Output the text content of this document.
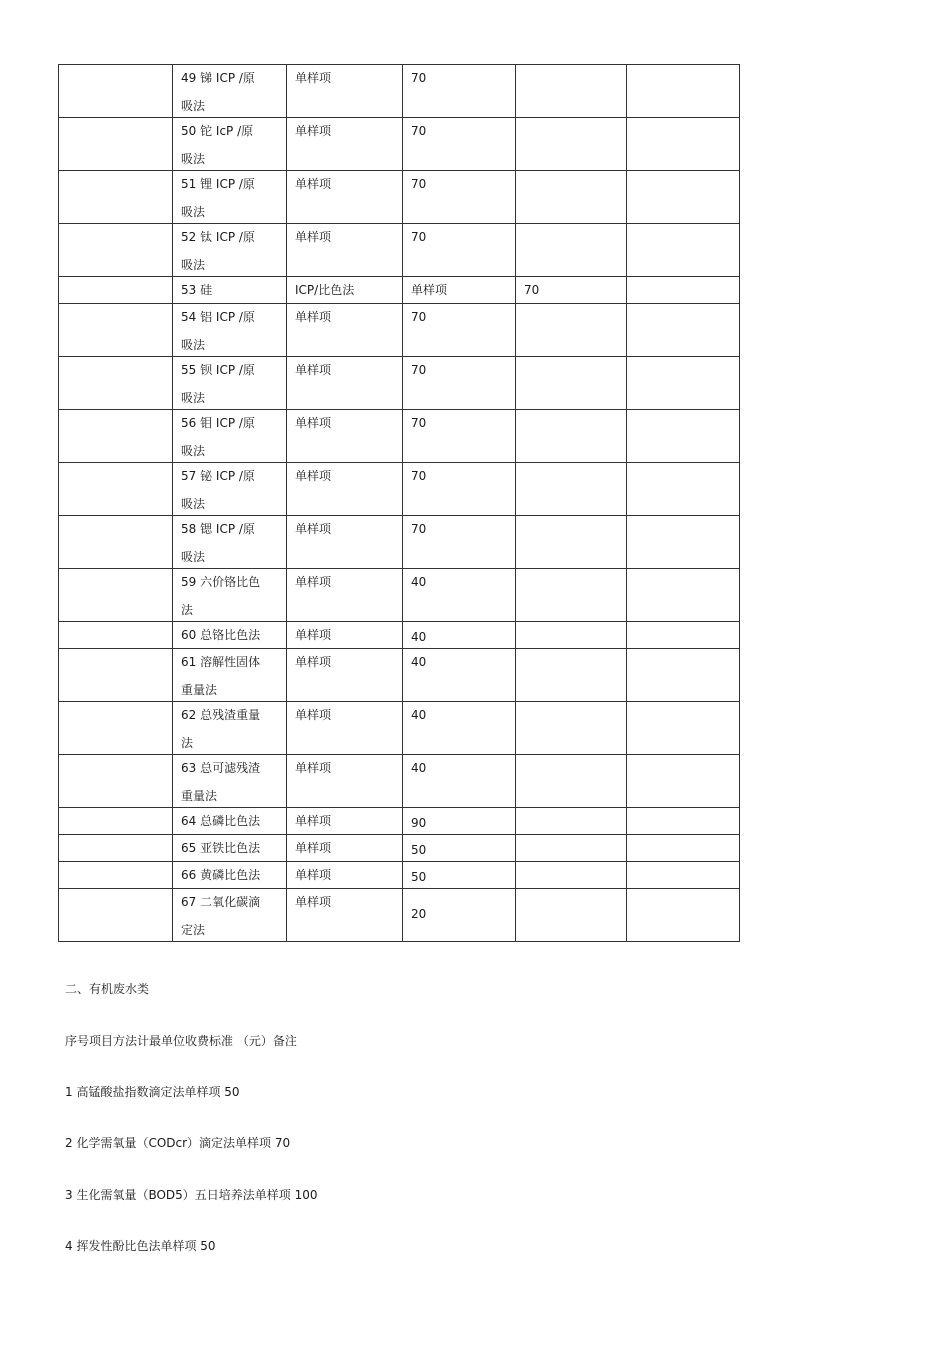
	49 锑 ICP /原
吸法	单样项	70		

	50 铊 IcP /原
吸法	单样项	70		

	51 锂 ICP /原
吸法	单样项	70		

	52 钛 ICP /原
吸法	单样项	70		

	53 硅	ICP/比色法	单样项	70	

	54 铝 ICP /原
吸法	单样项	70		

	55 钡 ICP /原
吸法	单样项	70		

	56 钼 ICP /原
吸法	单样项	70		

	57 铋 ICP /原
吸法	单样项	70		

	58 锶 ICP /原
吸法	单样项	70		

	59 六价铬比色
法	单样项	40		

	60 总铬比色法	单样项	40		

	61 溶解性固体
重量法	单样项	40		

	62 总残渣重量
法	单样项	40		

	63 总可滤残渣
重量法	单样项	40		

	64 总磷比色法	单样项	90		

	65 亚铁比色法	单样项	50		

	66 黄磷比色法	单样项	50		

	67 二氧化碳滴
定法	单样项	20		

二、有机废水类
序号项目方法计最单位收费标准 （元）备注
1 高锰酸盐指数滴定法单样项 50
2 化学需氧量（CODcr）滴定法单样项 70
3 生化需氧量（BOD5）五日培养法单样项 100
4 挥发性酚比色法单样项 50
